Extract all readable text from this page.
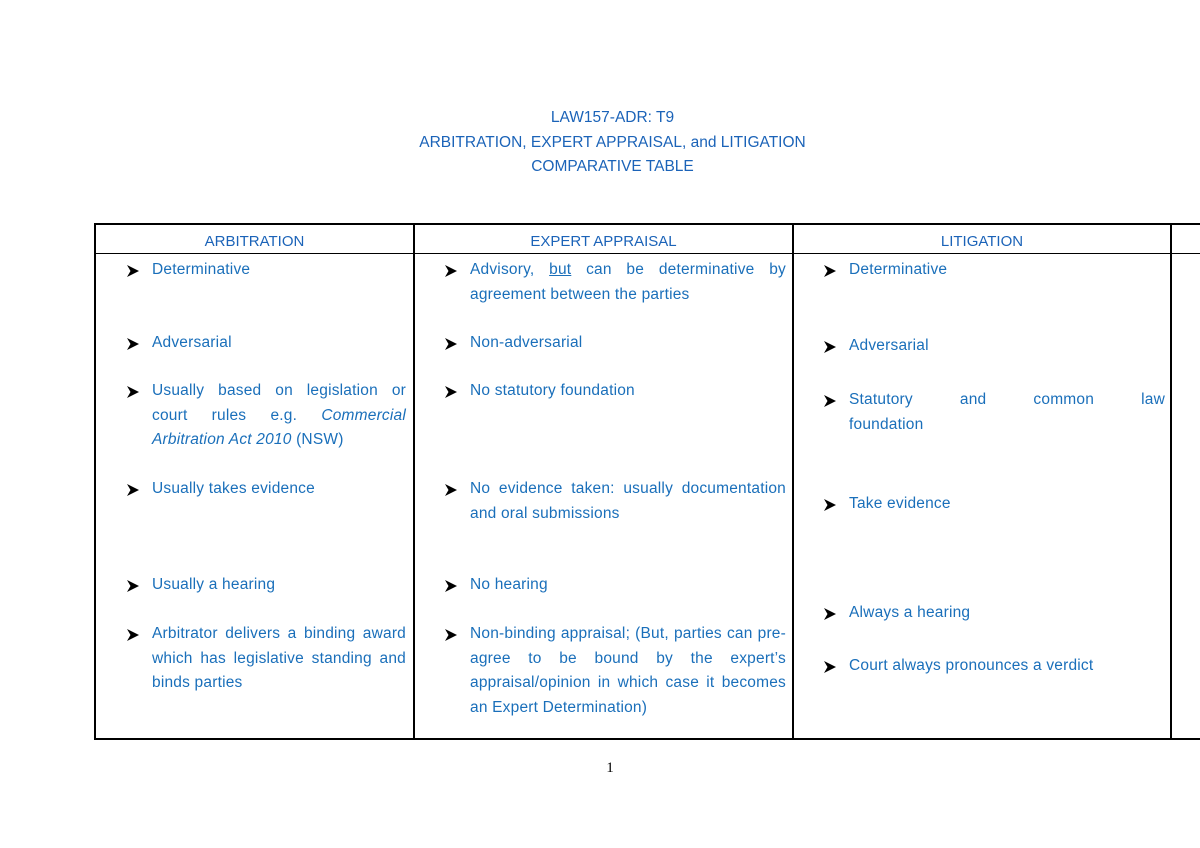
LAW157-ADR: T9
ARBITRATION, EXPERT APPRAISAL, and LITIGATION
COMPARATIVE TABLE
ARBITRATION	EXPERT APPRAISAL	LITIGATION
Determinative
Adversarial
Usually based on legislation or court rules e.g. Commercial Arbitration Act 2010 (NSW)
Usually takes evidence
Usually a hearing
Arbitrator delivers a binding award which has legislative standing and binds parties
Advisory, but can be determinative by agreement between the parties
Non-adversarial
No statutory foundation
No evidence taken: usually documentation and oral submissions
No hearing
Non-binding appraisal; (But, parties can pre-agree to be bound by the expert’s appraisal/opinion in which case it becomes an Expert Determination)
Determinative
Adversarial
Statutory and common law
foundation
Take evidence
Always a hearing
Court always pronounces a verdict
1
